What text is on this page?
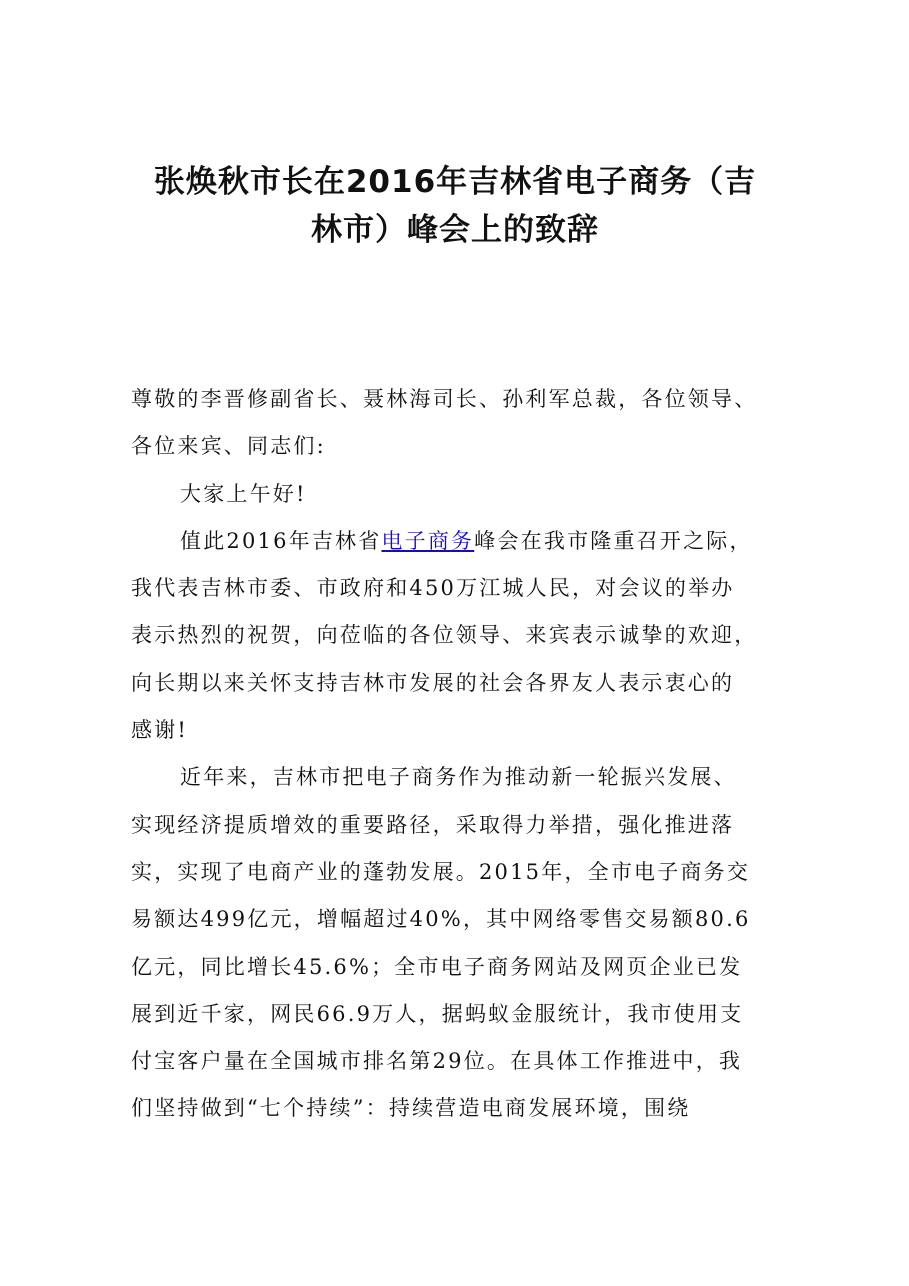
张焕秋市长在2016年吉林省电子商务（吉
林市）峰会上的致辞

尊敬的李晋修副省长、聂林海司长、孙利军总裁，各位领导、
各位来宾、同志们:

大家上午好!

值此2016年吉林省电子商务峰会在我市隆重召开之际，
我代表吉林市委、市政府和450万江城人民，对会议的举办
表示热烈的祝贺，向莅临的各位领导、来宾表示诚挚的欢迎，
向长期以来关怀支持吉林市发展的社会各界友人表示衷心的
感谢!

近年来，吉林市把电子商务作为推动新一轮振兴发展、
实现经济提质增效的重要路径，采取得力举措，强化推进落
实，实现了电商产业的蓬勃发展。2015年，全市电子商务交
易额达499亿元，增幅超过40%，其中网络零售交易额80.6
亿元，同比增长45.6%；全市电子商务网站及网页企业已发
展到近千家，网民66.9万人，据蚂蚁金服统计，我市使用支
付宝客户量在全国城市排名第29位。在具体工作推进中，我
们坚持做到“七个持续”：持续营造电商发展环境，围绕
